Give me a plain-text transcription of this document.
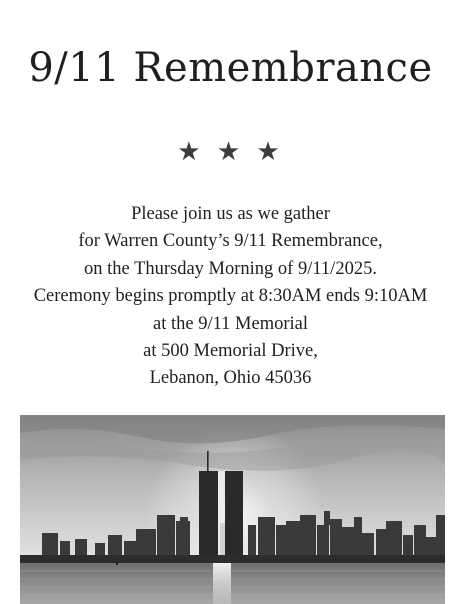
9/11 Remembrance
★ ★ ★
Please join us as we gather
for Warren County’s 9/11 Remembrance,
on the Thursday Morning of 9/11/2025.
Ceremony begins promptly at 8:30AM ends 9:10AM
at the 9/11 Memorial
at 500 Memorial Drive,
Lebanon, Ohio 45036
